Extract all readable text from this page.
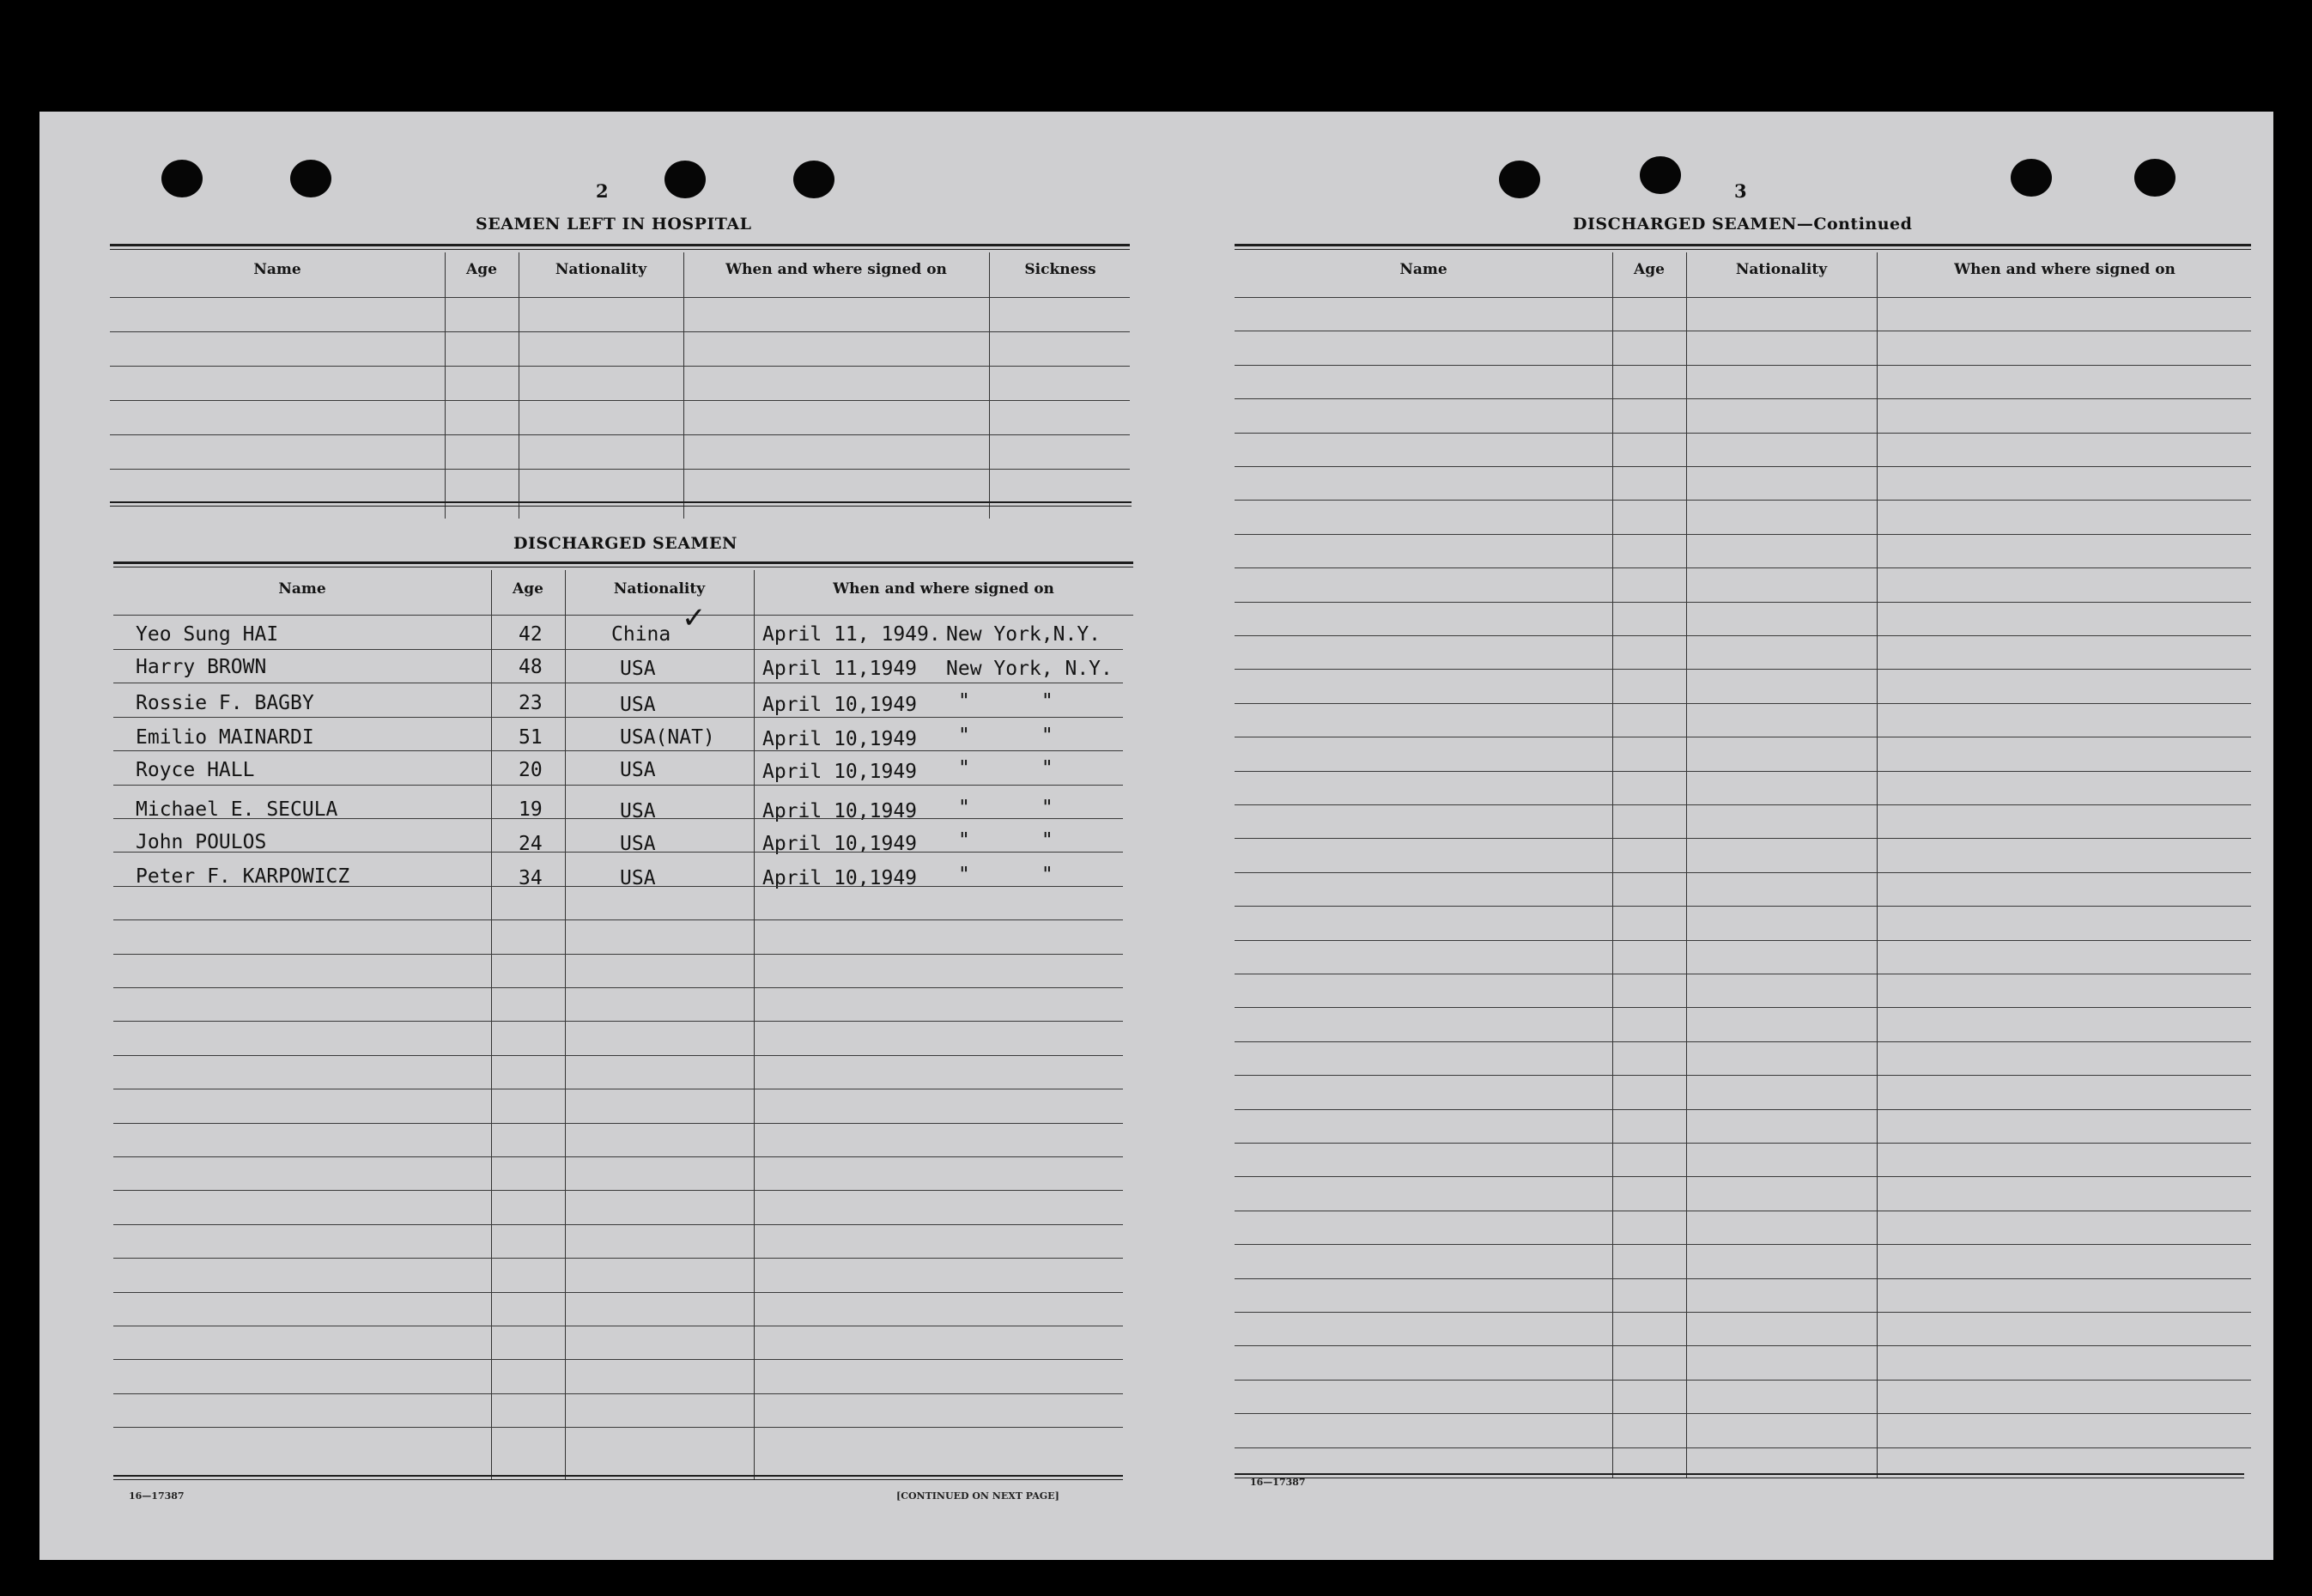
2
SEAMEN LEFT IN HOSPITAL
Name	Age	Nationality	When and where signed on	Sickness
DISCHARGED SEAMEN
Name	Age	Nationality	When and where signed on
Yeo Sung HAI	42	China ✓	April 11, 1949. New York,N.Y.
Harry BROWN	48	USA	April 11,1949 New York, N.Y.
Rossie F. BAGBY	23	USA	April 10,1949 "      "
Emilio MAINARDI	51	USA(NAT) April 10,1949 "      "
Royce HALL	20	USA	April 10,1949 "      "
Michael E. SECULA	19	USA	April 10,1949 "      "
John POULOS	24	USA	April 10,1949 "      "
Peter F. KARPOWICZ	34	USA	April 10,1949 "      "
16—17387	[CONTINUED ON NEXT PAGE]
3
DISCHARGED SEAMEN—Continued
Name	Age	Nationality	When and where signed on
16—17387
